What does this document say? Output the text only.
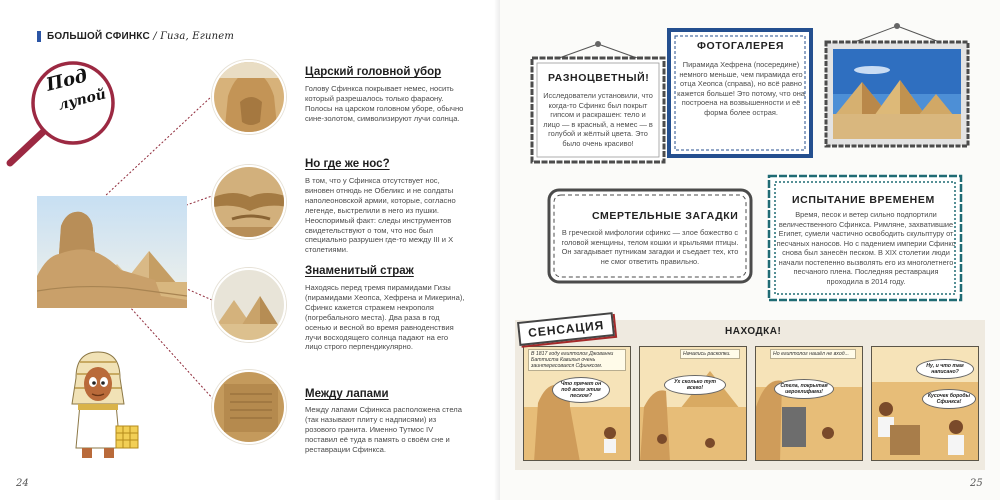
БОЛЬШОЙ СФИНКС / Гиза, Египет
Под
лупой
Царский головной убор
Голову Сфинкса покрывает немес, носить который разрешалось только фараону. Полосы на царском головном уборе, обычно сине-золотом, символизируют лучи солнца.
Но где же нос?
В том, что у Сфинкса отсутствует нос, виновен отнюдь не Обеликс и не солдаты наполеоновской армии, которые, согласно легенде, выстрелили в него из пушки. Неоспоримый факт: следы инструментов свидетельствуют о том, что нос был специально разрушен где-то между III и X столетиями.
Знаменитый страж
Находясь перед тремя пирамидами Гизы (пирамидами Хеопса, Хефрена и Микерина), Сфинкс кажется стражем некрополя (погребального места). Два раза в год осенью и весной во время равноденствия лучи восходящего солнца падают на его лицо строго перпендикулярно.
Между лапами
Между лапами Сфинкса расположена стела (так называют плиту с надписями) из розового гранита. Именно Тутмос IV поставил её туда в память о своём сне и реставрации Сфинкса.
24
РАЗНОЦВЕТНЫЙ!
Исследователи установили, что когда-то Сфинкс был покрыт гипсом и раскрашен: тело и лицо — в красный, а немес — в голубой и жёлтый цвета. Это было очень красиво!
ФОТОГАЛЕРЕЯ
Пирамида Хефрена (посередине) немного меньше, чем пирамида его отца Хеопса (справа), но всё равно кажется больше! Это потому, что она построена на возвышенности и её форма более острая.
СМЕРТЕЛЬНЫЕ ЗАГАДКИ
В греческой мифологии сфинкс — злое божество с головой женщины, телом кошки и крыльями птицы. Он загадывает путникам загадки и съедает тех, кто не смог ответить правильно.
ИСПЫТАНИЕ ВРЕМЕНЕМ
Время, песок и ветер сильно подпортили величественного Сфинкса. Римляне, захватившие Египет, сумели частично освободить скульптуру от песчаных наносов. Но с падением империи Сфинкс снова был занесён песком. В XIX столетии люди начали постепенно вызволять его из многолетнего песчаного плена. Последняя реставрация проходила в 2014 году.
НАХОДКА!
В 1817 году египтолог Джованни Баттиста Кавилья очень заинтересовался Сфинксом.
Что прячет он под всем этим песком?
Начались раскопки.
Ух сколько тут всего!
Но египтолог нашёл не вход...
Стела, покрытая иероглифами!
Ну, и что там написано?
Кусочек бороды Сфинкса!
СЕНСАЦИЯ
25
